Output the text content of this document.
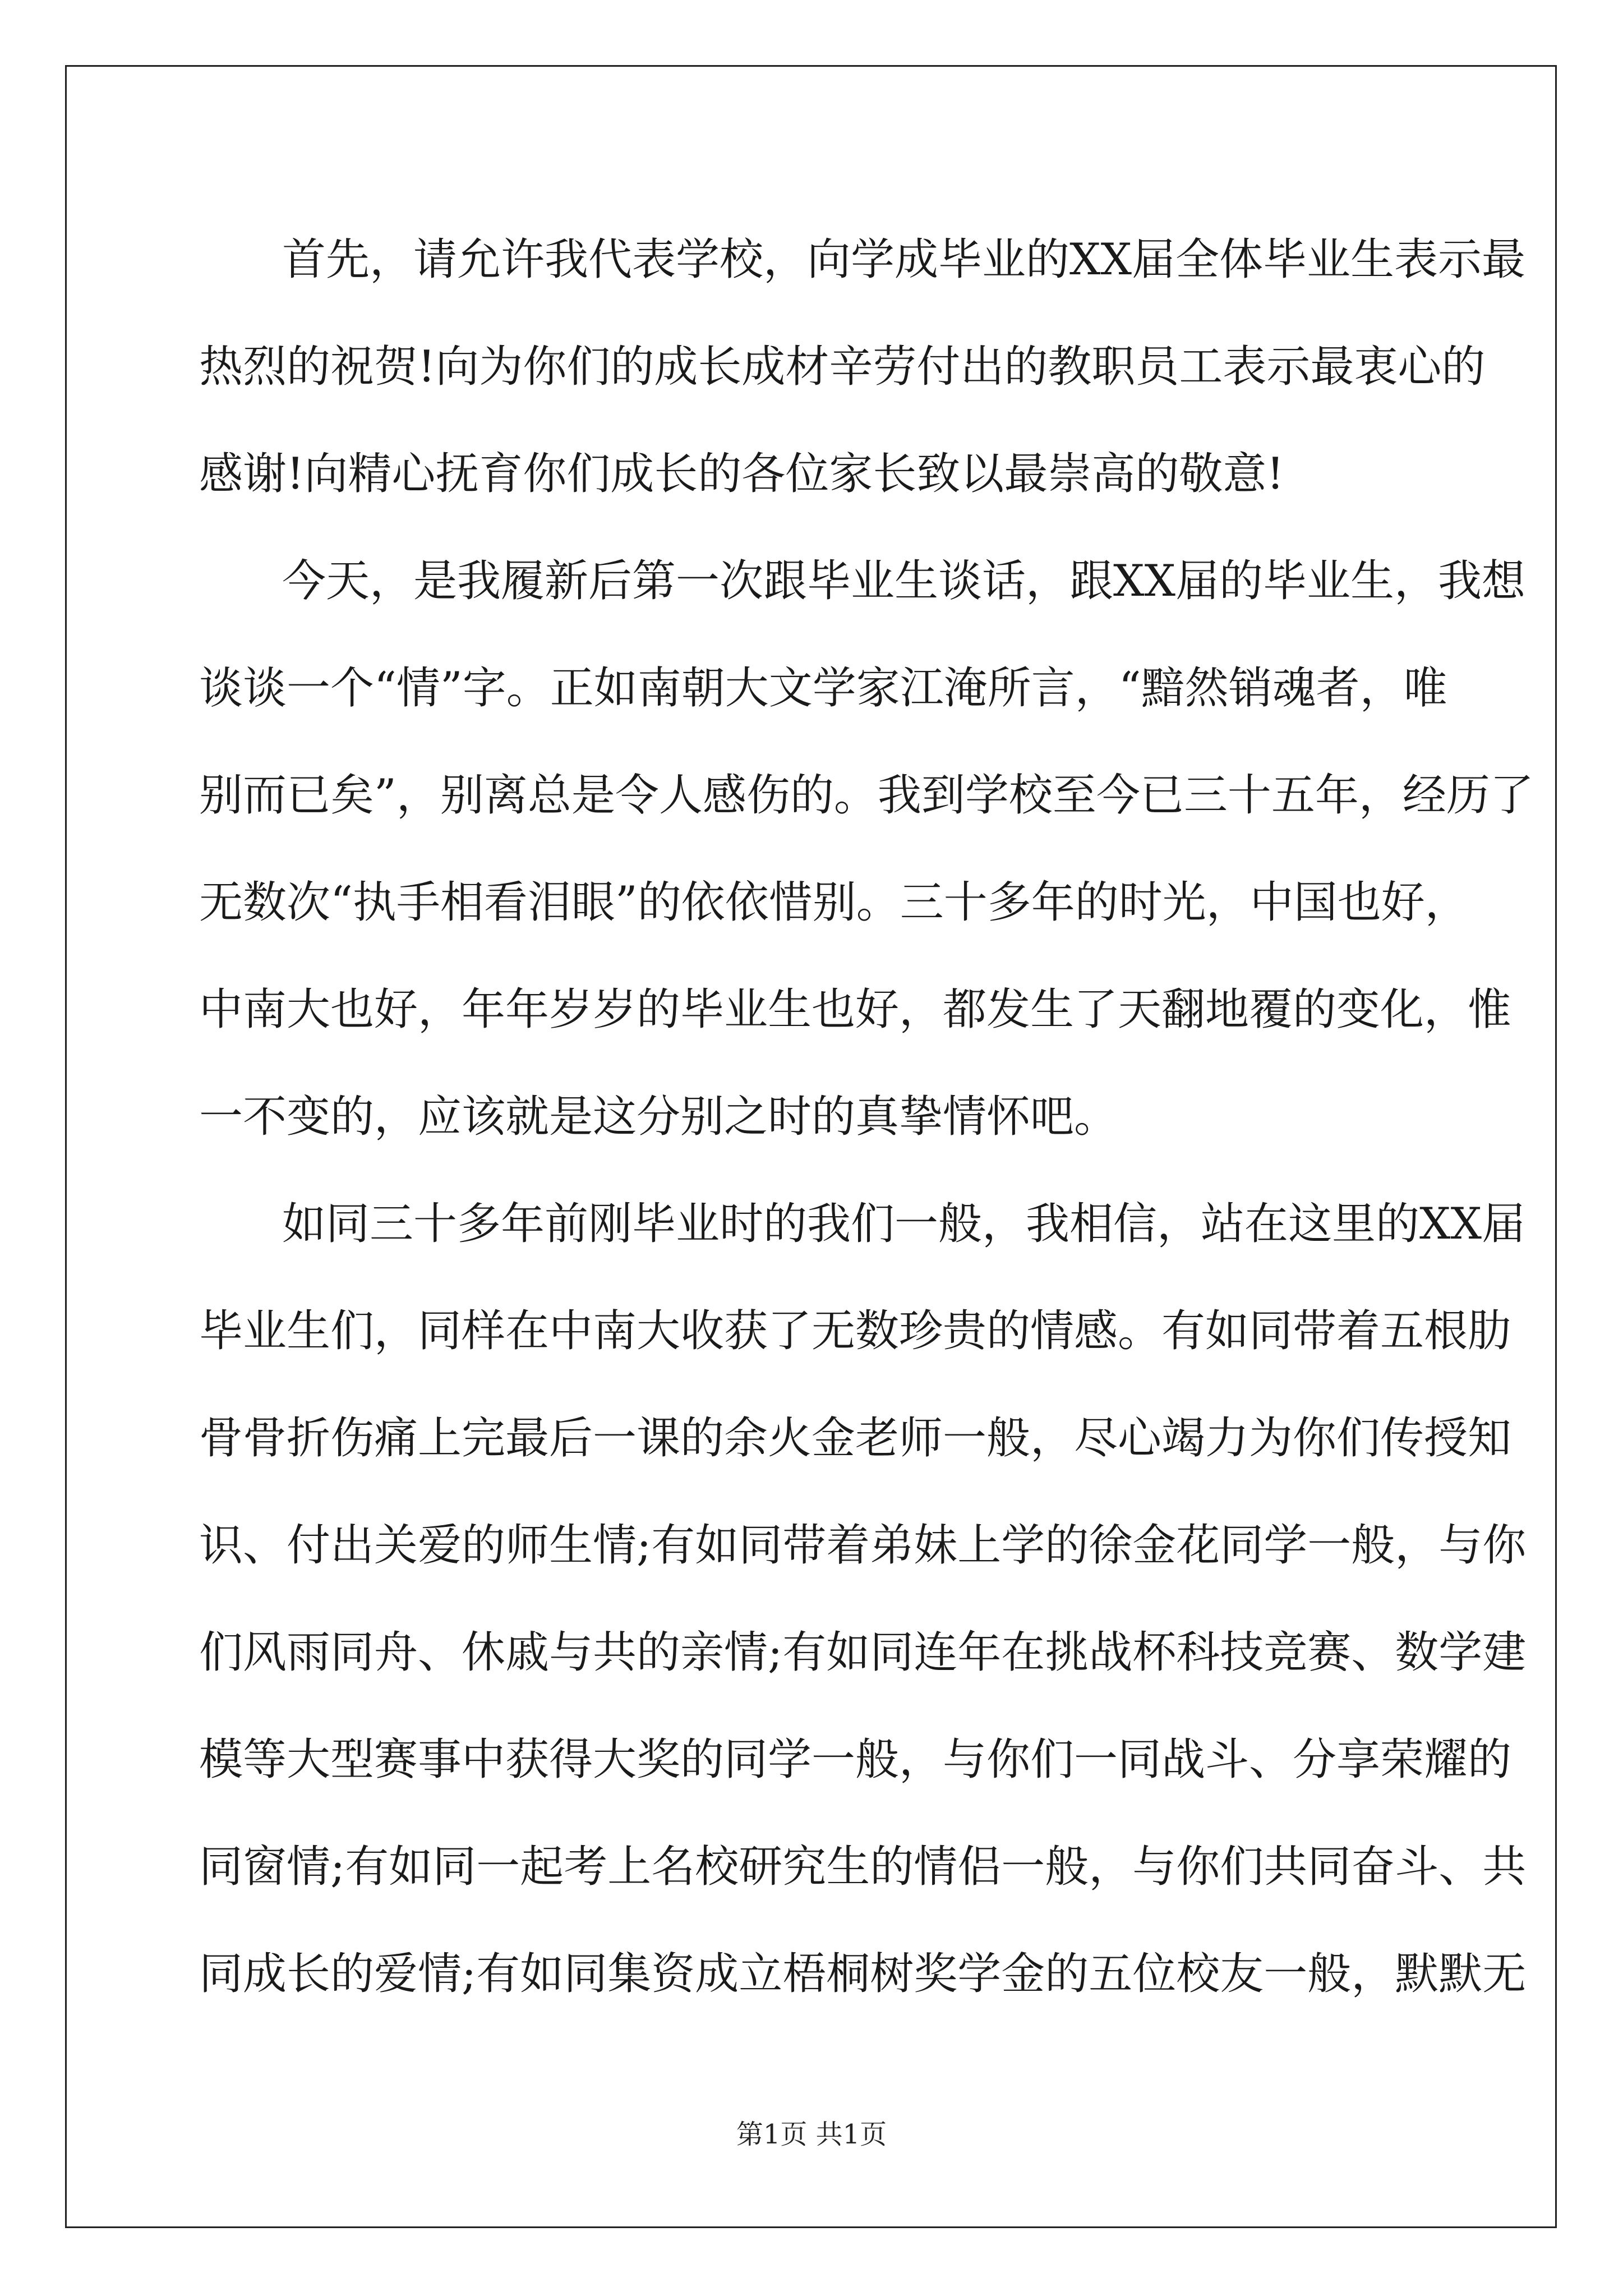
首先，请允许我代表学校，向学成毕业的XX届全体毕业生表示最
热烈的祝贺!向为你们的成长成材辛劳付出的教职员工表示最衷心的
感谢!向精心抚育你们成长的各位家长致以最崇高的敬意!
今天，是我履新后第一次跟毕业生谈话，跟XX届的毕业生，我想
谈谈一个“情”字。正如南朝大文学家江淹所言，“黯然销魂者，唯
别而已矣”，别离总是令人感伤的。我到学校至今已三十五年，经历了
无数次“执手相看泪眼”的依依惜别。三十多年的时光，中国也好，
中南大也好，年年岁岁的毕业生也好，都发生了天翻地覆的变化，惟
一不变的，应该就是这分别之时的真挚情怀吧。
如同三十多年前刚毕业时的我们一般，我相信，站在这里的XX届
毕业生们，同样在中南大收获了无数珍贵的情感。有如同带着五根肋
骨骨折伤痛上完最后一课的余火金老师一般，尽心竭力为你们传授知
识、付出关爱的师生情;有如同带着弟妹上学的徐金花同学一般，与你
们风雨同舟、休戚与共的亲情;有如同连年在挑战杯科技竞赛、数学建
模等大型赛事中获得大奖的同学一般，与你们一同战斗、分享荣耀的
同窗情;有如同一起考上名校研究生的情侣一般，与你们共同奋斗、共
同成长的爱情;有如同集资成立梧桐树奖学金的五位校友一般，默默无
第1页 共1页
